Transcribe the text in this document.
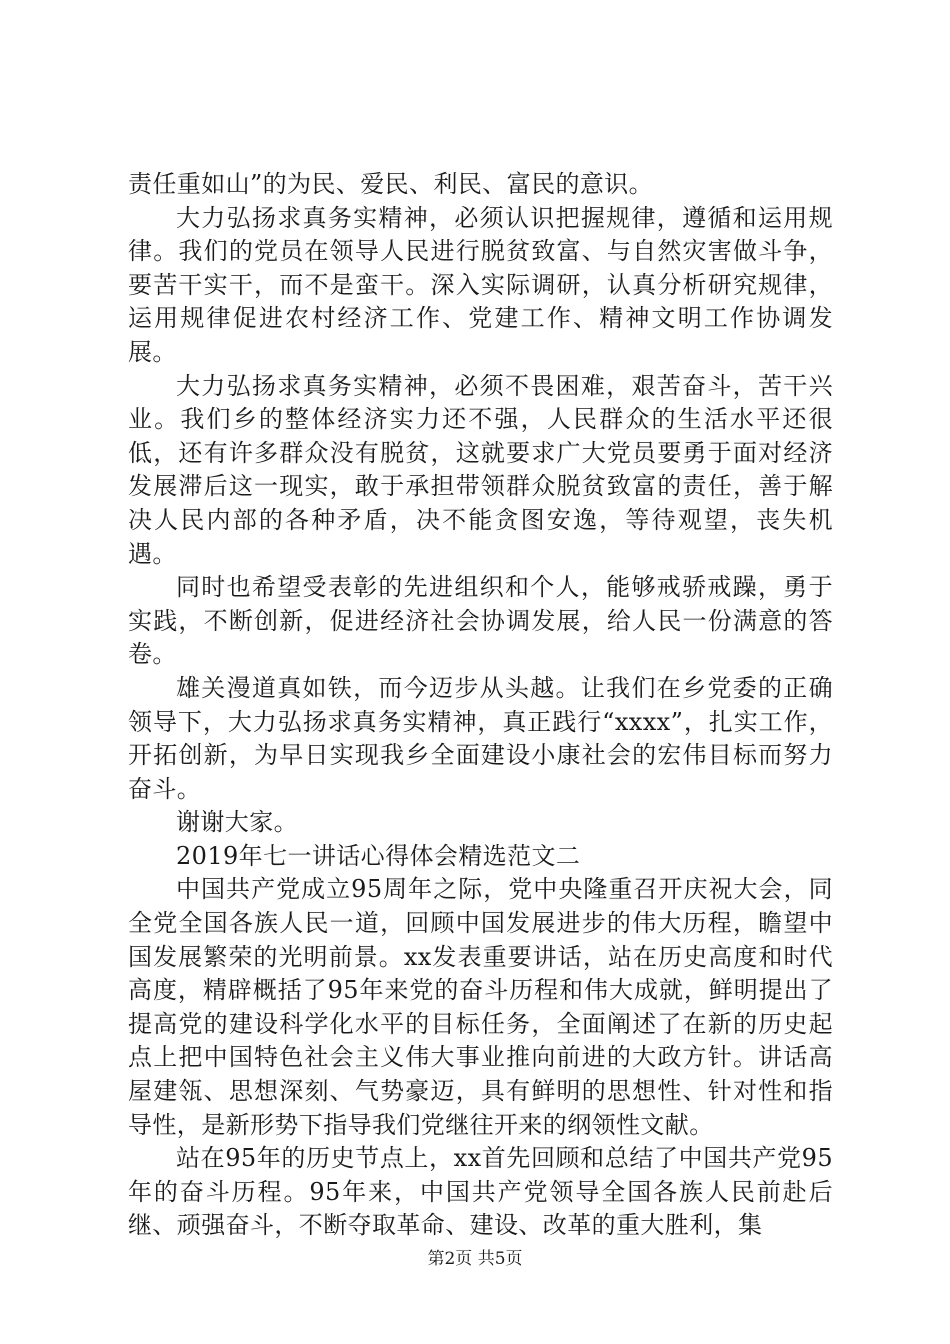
责任重如山”的为民、爱民、利民、富民的意识。

大力弘扬求真务实精神，必须认识把握规律，遵循和运用规律。我们的党员在领导人民进行脱贫致富、与自然灾害做斗争，要苦干实干，而不是蛮干。深入实际调研，认真分析研究规律，运用规律促进农村经济工作、党建工作、精神文明工作协调发展。

大力弘扬求真务实精神，必须不畏困难，艰苦奋斗，苦干兴业。我们乡的整体经济实力还不强，人民群众的生活水平还很低，还有许多群众没有脱贫，这就要求广大党员要勇于面对经济发展滞后这一现实，敢于承担带领群众脱贫致富的责任，善于解决人民内部的各种矛盾，决不能贪图安逸，等待观望，丧失机遇。

同时也希望受表彰的先进组织和个人，能够戒骄戒躁，勇于实践，不断创新，促进经济社会协调发展，给人民一份满意的答卷。

雄关漫道真如铁，而今迈步从头越。让我们在乡党委的正确领导下，大力弘扬求真务实精神，真正践行“xxxx”，扎实工作，开拓创新，为早日实现我乡全面建设小康社会的宏伟目标而努力奋斗。

谢谢大家。

2019年七一讲话心得体会精选范文二

中国共产党成立95周年之际，党中央隆重召开庆祝大会，同全党全国各族人民一道，回顾中国发展进步的伟大历程，瞻望中国发展繁荣的光明前景。xx发表重要讲话，站在历史高度和时代高度，精辟概括了95年来党的奋斗历程和伟大成就，鲜明提出了提高党的建设科学化水平的目标任务，全面阐述了在新的历史起点上把中国特色社会主义伟大事业推向前进的大政方针。讲话高屋建瓴、思想深刻、气势豪迈，具有鲜明的思想性、针对性和指导性，是新形势下指导我们党继往开来的纲领性文献。

站在95年的历史节点上，xx首先回顾和总结了中国共产党95年的奋斗历程。95年来，中国共产党领导全国各族人民前赴后继、顽强奋斗，不断夺取革命、建设、改革的重大胜利，集

第2页 共5页
